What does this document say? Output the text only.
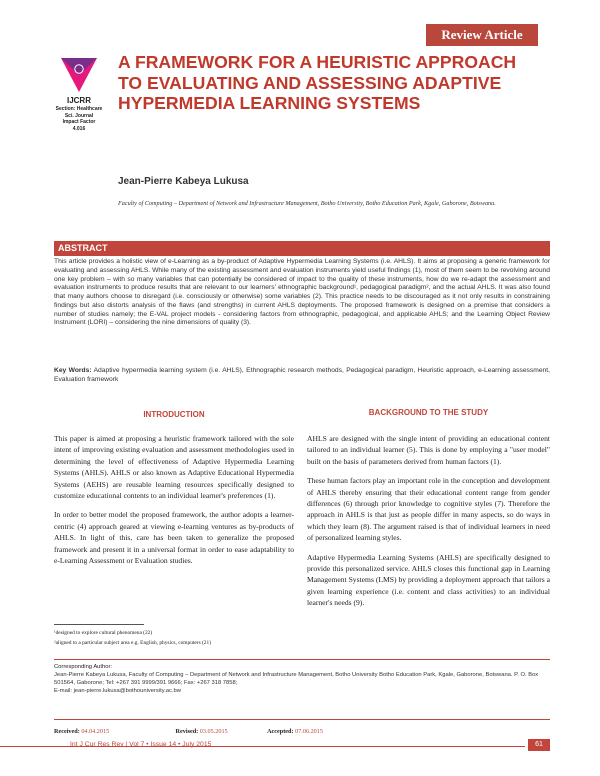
Review Article
IJCRR
Section: Healthcare
Sci. Journal
Impact Factor
4.016
A FRAMEWORK FOR A HEURISTIC APPROACH TO EVALUATING AND ASSESSING ADAPTIVE HYPERMEDIA LEARNING SYSTEMS
Jean-Pierre Kabeya Lukusa
Faculty of Computing – Department of Network and Infrastructure Management, Botho University, Botho Education Park, Kgale, Gaborone, Botswana.
ABSTRACT

This article provides a holistic view of e-Learning as a by-product of Adaptive Hypermedia Learning Systems (i.e. AHLS). It aims at proposing a generic framework for evaluating and assessing AHLS. While many of the existing assessment and evaluation instruments yield useful findings (1), most of them seem to be revolving around one key problem – with so many variables that can potentially be considered of impact to the quality of these instruments, how do we re-adapt the assessment and evaluation instruments to produce results that are relevant to our learners' ethnographic background¹, pedagogical paradigm², and the actual AHLS. It was also found that many authors choose to disregard (i.e. consciously or otherwise) some variables (2). This practice needs to be discouraged as it not only results in constraining findings but also distorts analysis of the flaws (and strengths) in current AHLS deployments. The proposed framework is designed on a premise that considers a number of studies namely; the E-VAL project models - considering factors from ethnographic, pedagogical, and applicable AHLS; and the Learning Object Review Instrument (LORI) – considering the nine dimensions of quality (3).

Key Words: Adaptive hypermedia learning system (i.e. AHLS), Ethnographic research methods, Pedagogical paradigm, Heuristic approach, e-Learning assessment, Evaluation framework

INTRODUCTION	BACKGROUND TO THE STUDY

This paper is aimed at proposing a heuristic framework tailored with the sole intent of improving existing evaluation and assessment methodologies used in determining the level of effectiveness of Adaptive Hypermedia Learning Systems (AHLS). AHLS or also known as Adaptive Educational Hypermedia Systems (AEHS) are reusable learning resources specifically designed to customize educational contents to an individual learner's preferences (1).

In order to better model the proposed framework, the author adopts a learner-centric (4) approach geared at viewing e-learning ventures as by-products of AHLS. In light of this, care has been taken to generalize the proposed framework and present it in a universal format in order to ease adaptability to e-Learning Assessment or Evaluation studies.

AHLS are designed with the single intent of providing an educational content tailored to an individual learner (5). This is done by employing a "user model" built on the basis of parameters derived from human factors (1).

These human factors play an important role in the conception and development of AHLS thereby ensuring that their educational content range from gender differences (6) through prior knowledge to cognitive styles (7). Therefore the approach in AHLS is that just as people differ in many aspects, so do ways in which they learn (8). The argument raised is that of individual learners in need of personalized learning styles.

Adaptive Hypermedia Learning Systems (AHLS) are specifically designed to provide this personalized service. AHLS closes this functional gap in Learning Management Systems (LMS) by providing a deployment approach that tailors a given learning experience (i.e. content and class activities) to an individual learner's needs (9).

¹designed to explore cultural phenomena (22)
²aligned to a particular subject area e.g. English, physics, computers (21)
Corresponding Author:
Jean-Pierre Kabeya Lukusa, Faculty of Computing – Department of Network and Infrastructure Management, Botho University Botho Education Park, Kgale, Gaborone, Botswana. P. O. Box 501564, Gaborone; Tel: +267 391 9999/391 9666; Fax: +267 318 7858;
E-mail: jean-pierre.lukusa@bothouniversity.ac.bw
Received: 04.04.2015	Revised: 03.05.2015	Accepted: 07.06.2015
Int J Cur Res Rev | Vol 7 • Issue 14 • July 2015	61
